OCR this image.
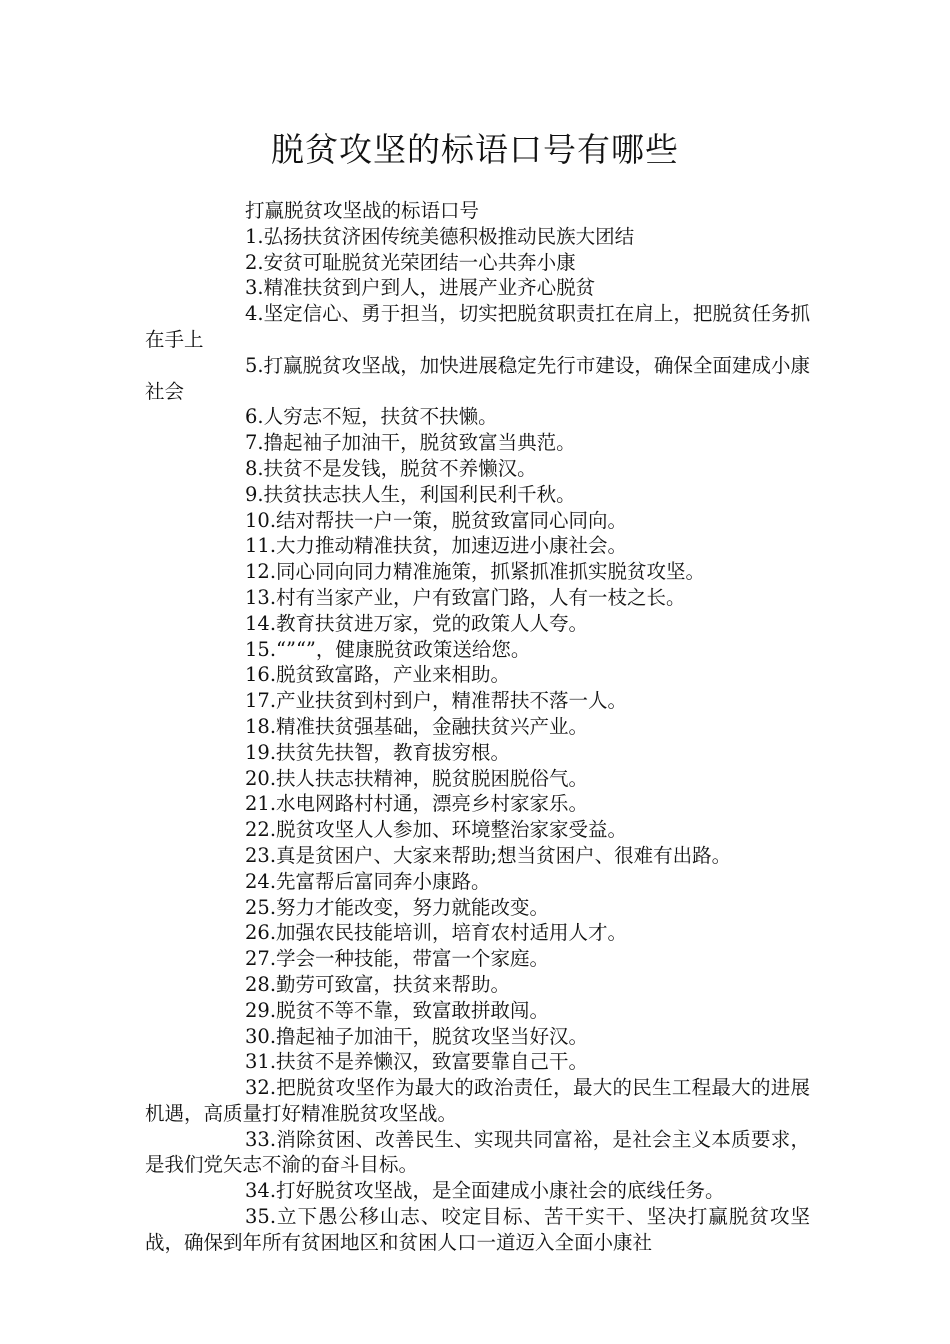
脱贫攻坚的标语口号有哪些

打赢脱贫攻坚战的标语口号

1.弘扬扶贫济困传统美德积极推动民族大团结

2.安贫可耻脱贫光荣团结一心共奔小康

3.精准扶贫到户到人，进展产业齐心脱贫

4.坚定信心、勇于担当，切实把脱贫职责扛在肩上，把脱贫任务抓在手上

5.打赢脱贫攻坚战，加快进展稳定先行市建设，确保全面建成小康社会

6.人穷志不短，扶贫不扶懒。

7.撸起袖子加油干，脱贫致富当典范。

8.扶贫不是发钱，脱贫不养懒汉。

9.扶贫扶志扶人生，利国利民利千秋。

10.结对帮扶一户一策，脱贫致富同心同向。

11.大力推动精准扶贫，加速迈进小康社会。

12.同心同向同力精准施策，抓紧抓准抓实脱贫攻坚。

13.村有当家产业，户有致富门路，人有一枝之长。

14.教育扶贫进万家，党的政策人人夸。

15.“”“”，健康脱贫政策送给您。

16.脱贫致富路，产业来相助。

17.产业扶贫到村到户，精准帮扶不落一人。

18.精准扶贫强基础，金融扶贫兴产业。

19.扶贫先扶智，教育拔穷根。

20.扶人扶志扶精神，脱贫脱困脱俗气。

21.水电网路村村通，漂亮乡村家家乐。

22.脱贫攻坚人人参加、环境整治家家受益。

23.真是贫困户、大家来帮助;想当贫困户、很难有出路。

24.先富帮后富同奔小康路。

25.努力才能改变，努力就能改变。

26.加强农民技能培训，培育农村适用人才。

27.学会一种技能，带富一个家庭。

28.勤劳可致富，扶贫来帮助。

29.脱贫不等不靠，致富敢拼敢闯。

30.撸起袖子加油干，脱贫攻坚当好汉。

31.扶贫不是养懒汉，致富要靠自己干。

32.把脱贫攻坚作为最大的政治责任，最大的民生工程最大的进展机遇，高质量打好精准脱贫攻坚战。

33.消除贫困、改善民生、实现共同富裕，是社会主义本质要求，是我们党矢志不渝的奋斗目标。

34.打好脱贫攻坚战，是全面建成小康社会的底线任务。

35.立下愚公移山志、咬定目标、苦干实干、坚决打赢脱贫攻坚战，确保到年所有贫困地区和贫困人口一道迈入全面小康社
